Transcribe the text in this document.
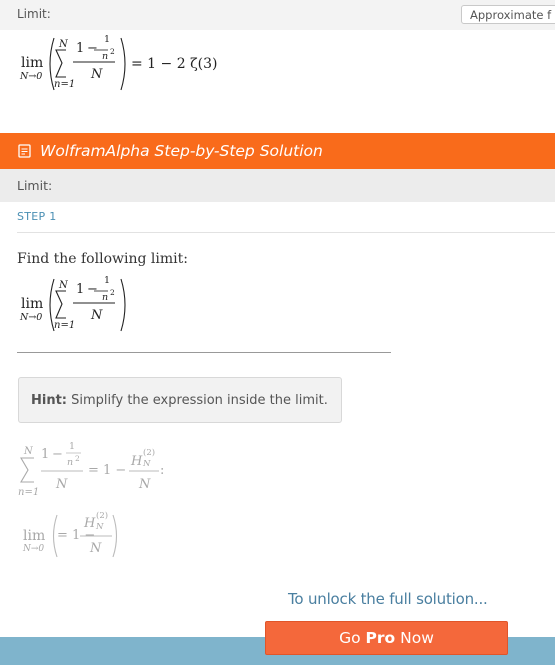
Limit:	Approximate f
lim
N→0
N
n=1
1 −
1
n 2
N
= 1 − 2 ζ(3)
WolframAlpha Step-by-Step Solution
Limit:
STEP 1
Find the following limit:
lim
N→0
N
n=1
1 −
1
n 2
N
Hint: Simplify the expression inside the limit.
N
n=1
1 −
1
n 2
N
= 1 −
H
(2)
N
N
:
lim
N→0
= 1 −
H (2)
N
N
To unlock the full solution...
Go Pro Now
